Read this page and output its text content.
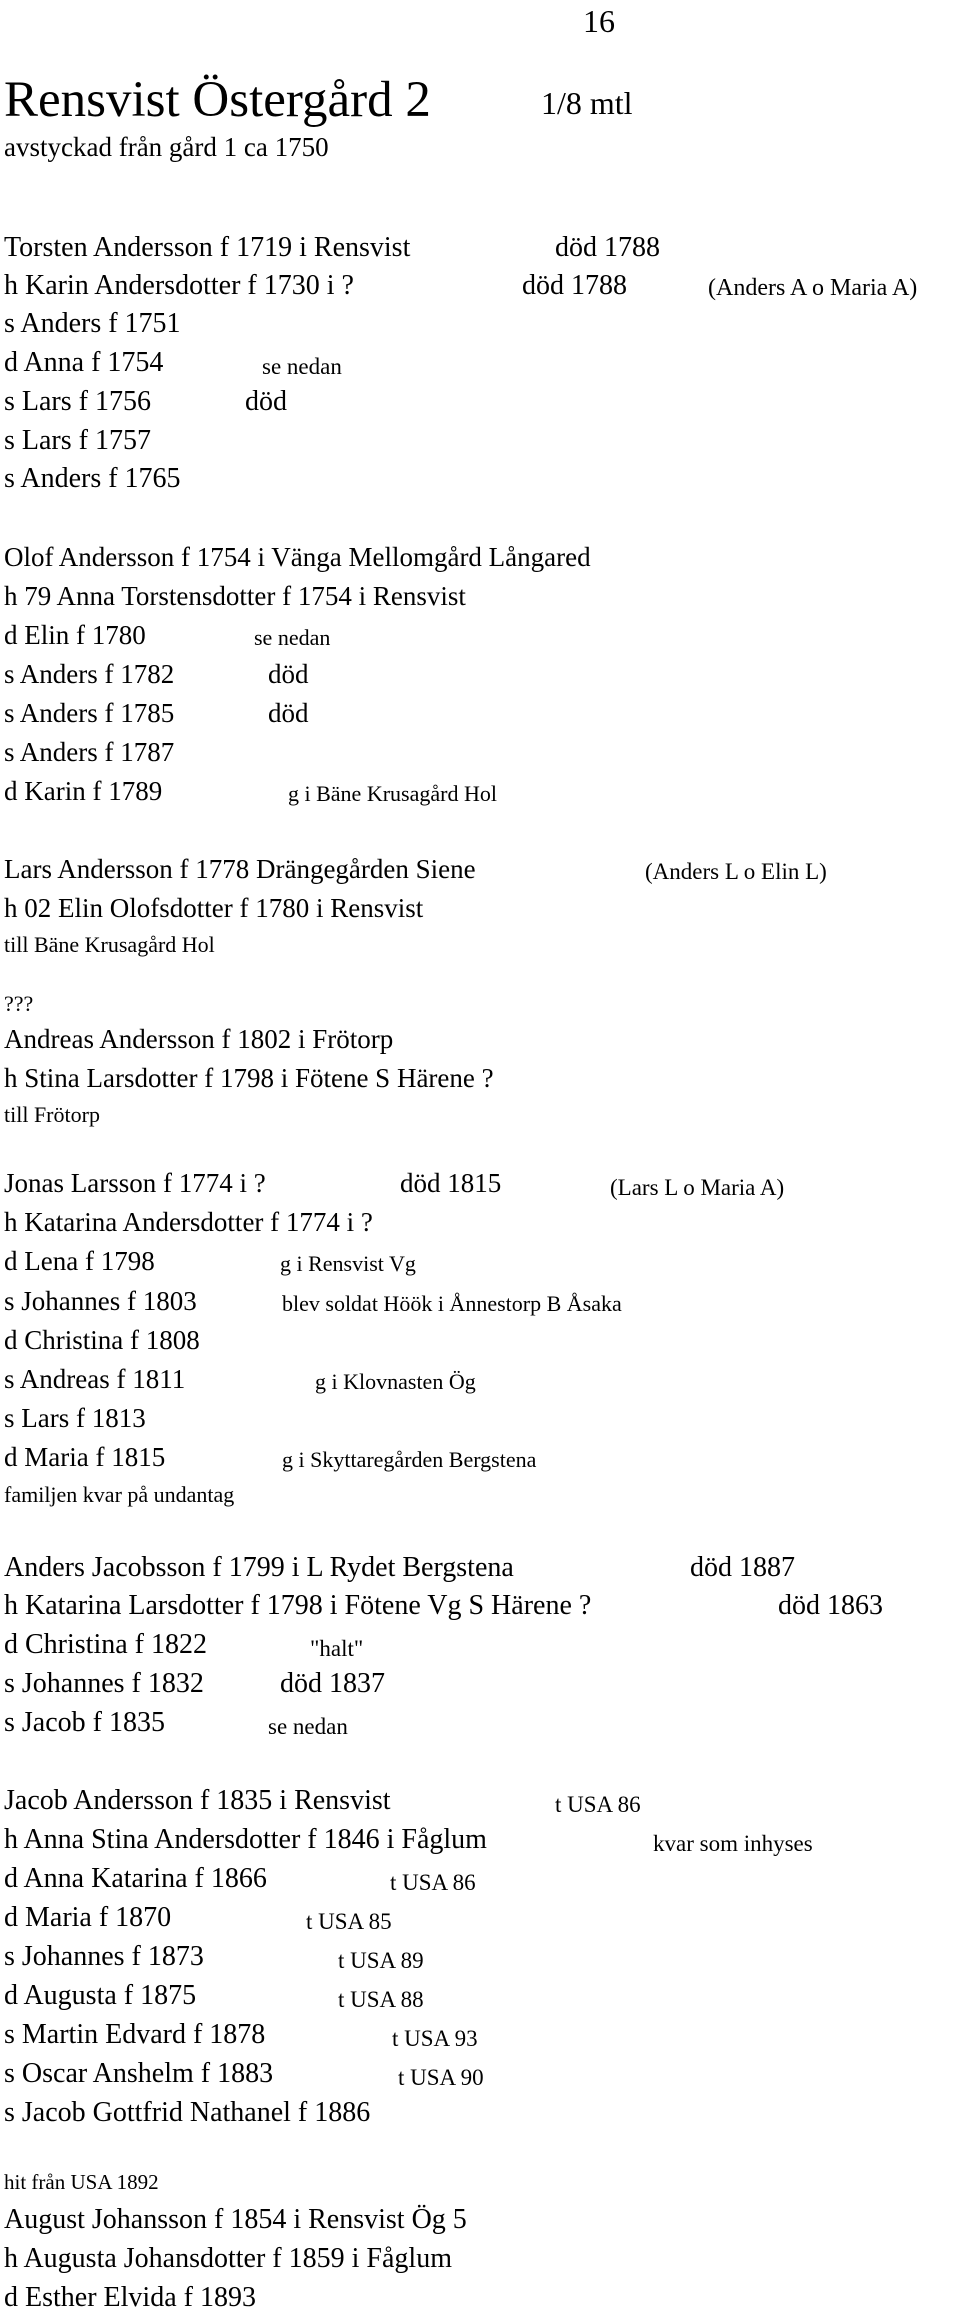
16
Rensvist Östergård 2	1/8 mtl
avstyckad från gård 1 ca 1750
Torsten Andersson f 1719 i Rensvist	död 1788
h Karin Andersdotter f 1730 i ?	död 1788	(Anders A o Maria A)
s Anders f 1751
d Anna f 1754	se nedan
s Lars f 1756	död
s Lars f 1757
s Anders f 1765
Olof Andersson f 1754 i Vänga Mellomgård Långared
h 79 Anna Torstensdotter f 1754 i Rensvist
d Elin f 1780	se nedan
s Anders f 1782	död
s Anders f 1785	död
s Anders f 1787
d Karin f 1789	g i Bäne Krusagård Hol
Lars Andersson f 1778 Drängegården Siene	(Anders L o Elin L)
h 02 Elin Olofsdotter f 1780 i Rensvist
till Bäne Krusagård Hol
???
Andreas Andersson f 1802 i Frötorp
h Stina Larsdotter f 1798 i Fötene S Härene ?
till Frötorp
Jonas Larsson f 1774 i ?	död 1815	(Lars L o Maria A)
h Katarina Andersdotter f 1774 i ?
d Lena f 1798	g i Rensvist Vg
s Johannes f 1803	blev soldat Höök i Ånnestorp B Åsaka
d Christina f 1808
s Andreas f 1811	g i Klovnasten Ög
s Lars f 1813
d Maria f 1815	g i Skyttaregården Bergstena
familjen kvar på undantag
Anders Jacobsson f 1799 i L Rydet Bergstena	död 1887
h Katarina Larsdotter f 1798 i Fötene Vg S Härene ?	död 1863
d Christina f 1822	"halt"
s Johannes f 1832	död 1837
s Jacob f 1835	se nedan
Jacob Andersson f 1835 i Rensvist	t USA 86
h Anna Stina Andersdotter f 1846 i Fåglum	kvar som inhyses
d Anna Katarina f 1866	t USA 86
d Maria f 1870	t USA 85
s Johannes f 1873	t USA 89
d Augusta f 1875	t USA 88
s Martin Edvard f 1878	t USA 93
s Oscar Anshelm f 1883	t USA 90
s Jacob Gottfrid Nathanel f 1886
hit från USA 1892
August Johansson f 1854 i Rensvist Ög 5
h Augusta Johansdotter f 1859 i Fåglum
d Esther Elvida f 1893
